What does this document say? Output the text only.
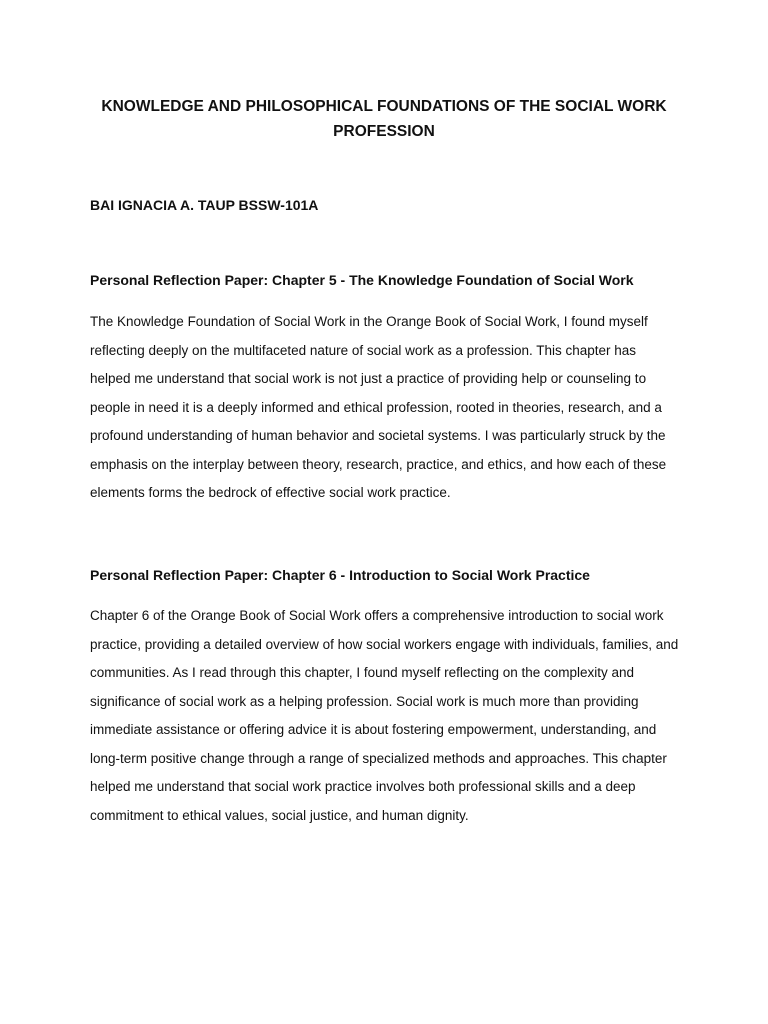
KNOWLEDGE AND PHILOSOPHICAL FOUNDATIONS OF THE SOCIAL WORK PROFESSION
BAI IGNACIA A. TAUP BSSW-101A
Personal Reflection Paper: Chapter 5 - The Knowledge Foundation of Social Work
The Knowledge Foundation of Social Work in the Orange Book of Social Work, I found myself reflecting deeply on the multifaceted nature of social work as a profession. This chapter has helped me understand that social work is not just a practice of providing help or counseling to people in need it is a deeply informed and ethical profession, rooted in theories, research, and a profound understanding of human behavior and societal systems. I was particularly struck by the emphasis on the interplay between theory, research, practice, and ethics, and how each of these elements forms the bedrock of effective social work practice.
Personal Reflection Paper: Chapter 6 - Introduction to Social Work Practice
Chapter 6 of the Orange Book of Social Work offers a comprehensive introduction to social work practice, providing a detailed overview of how social workers engage with individuals, families, and communities. As I read through this chapter, I found myself reflecting on the complexity and significance of social work as a helping profession. Social work is much more than providing immediate assistance or offering advice it is about fostering empowerment, understanding, and long-term positive change through a range of specialized methods and approaches. This chapter helped me understand that social work practice involves both professional skills and a deep commitment to ethical values, social justice, and human dignity.
